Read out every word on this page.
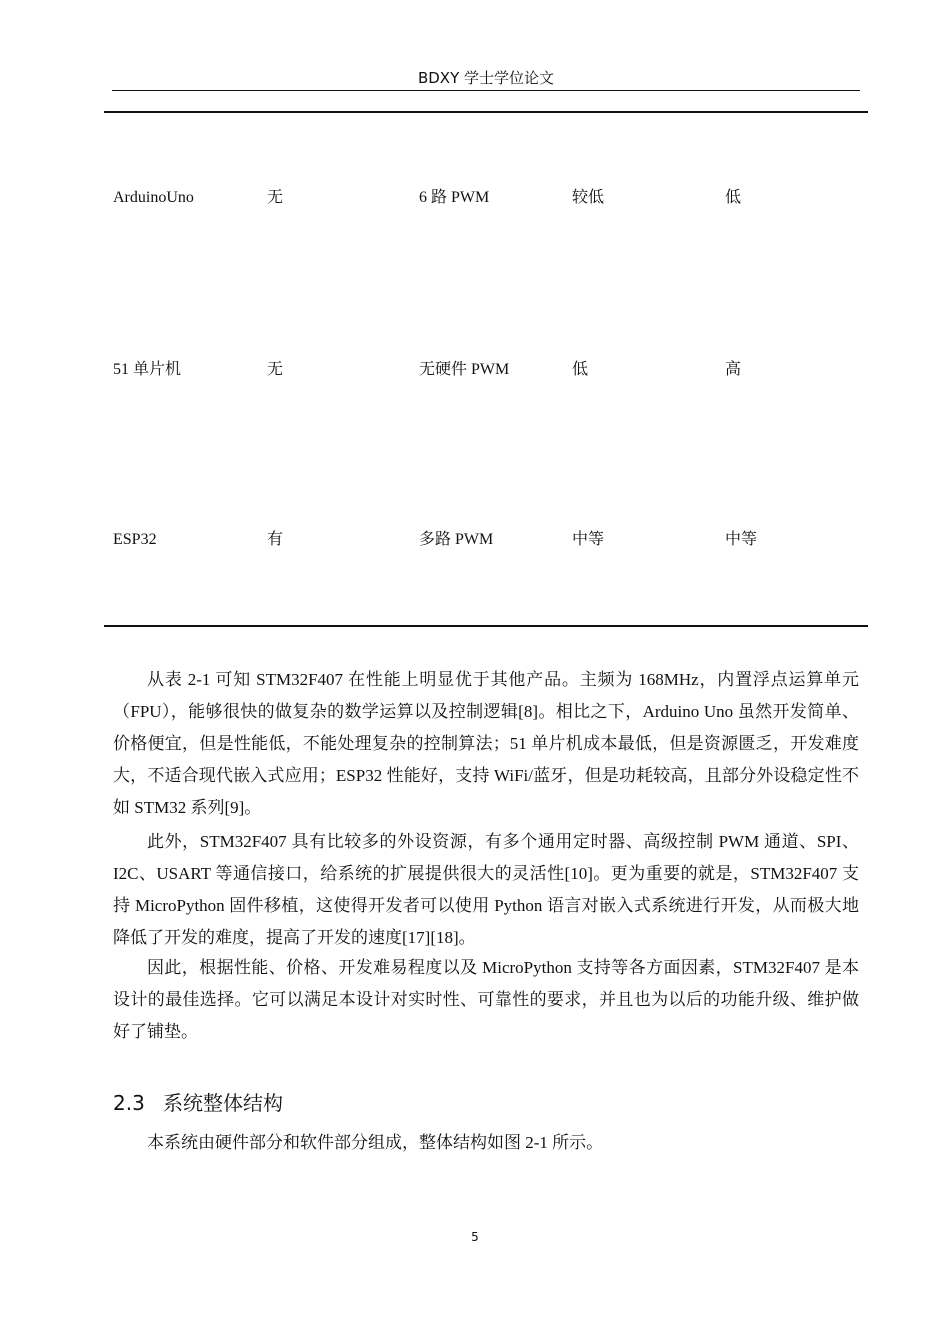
BDXY 学士学位论文
ArduinoUno	无	6 路 PWM	较低	低
51 单片机	无	无硬件 PWM	低	高
ESP32	有	多路 PWM	中等	中等

从表 2-1 可知 STM32F407 在性能上明显优于其他产品。主频为 168MHz，内置浮点运算单元（FPU），能够很快的做复杂的数学运算以及控制逻辑[8]。相比之下，Arduino Uno 虽然开发简单、价格便宜，但是性能低，不能处理复杂的控制算法；51 单片机成本最低，但是资源匮乏，开发难度大，不适合现代嵌入式应用；ESP32 性能好，支持 WiFi/蓝牙，但是功耗较高，且部分外设稳定性不如 STM32 系列[9]。

此外，STM32F407 具有比较多的外设资源，有多个通用定时器、高级控制 PWM 通道、SPI、I2C、USART 等通信接口，给系统的扩展提供很大的灵活性[10]。更为重要的就是，STM32F407 支持 MicroPython 固件移植，这使得开发者可以使用 Python 语言对嵌入式系统进行开发，从而极大地降低了开发的难度，提高了开发的速度[17][18]。

因此，根据性能、价格、开发难易程度以及 MicroPython 支持等各方面因素，STM32F407 是本设计的最佳选择。它可以满足本设计对实时性、可靠性的要求，并且也为以后的功能升级、维护做好了铺垫。

2.3 系统整体结构

本系统由硬件部分和软件部分组成，整体结构如图 2-1 所示。

5
